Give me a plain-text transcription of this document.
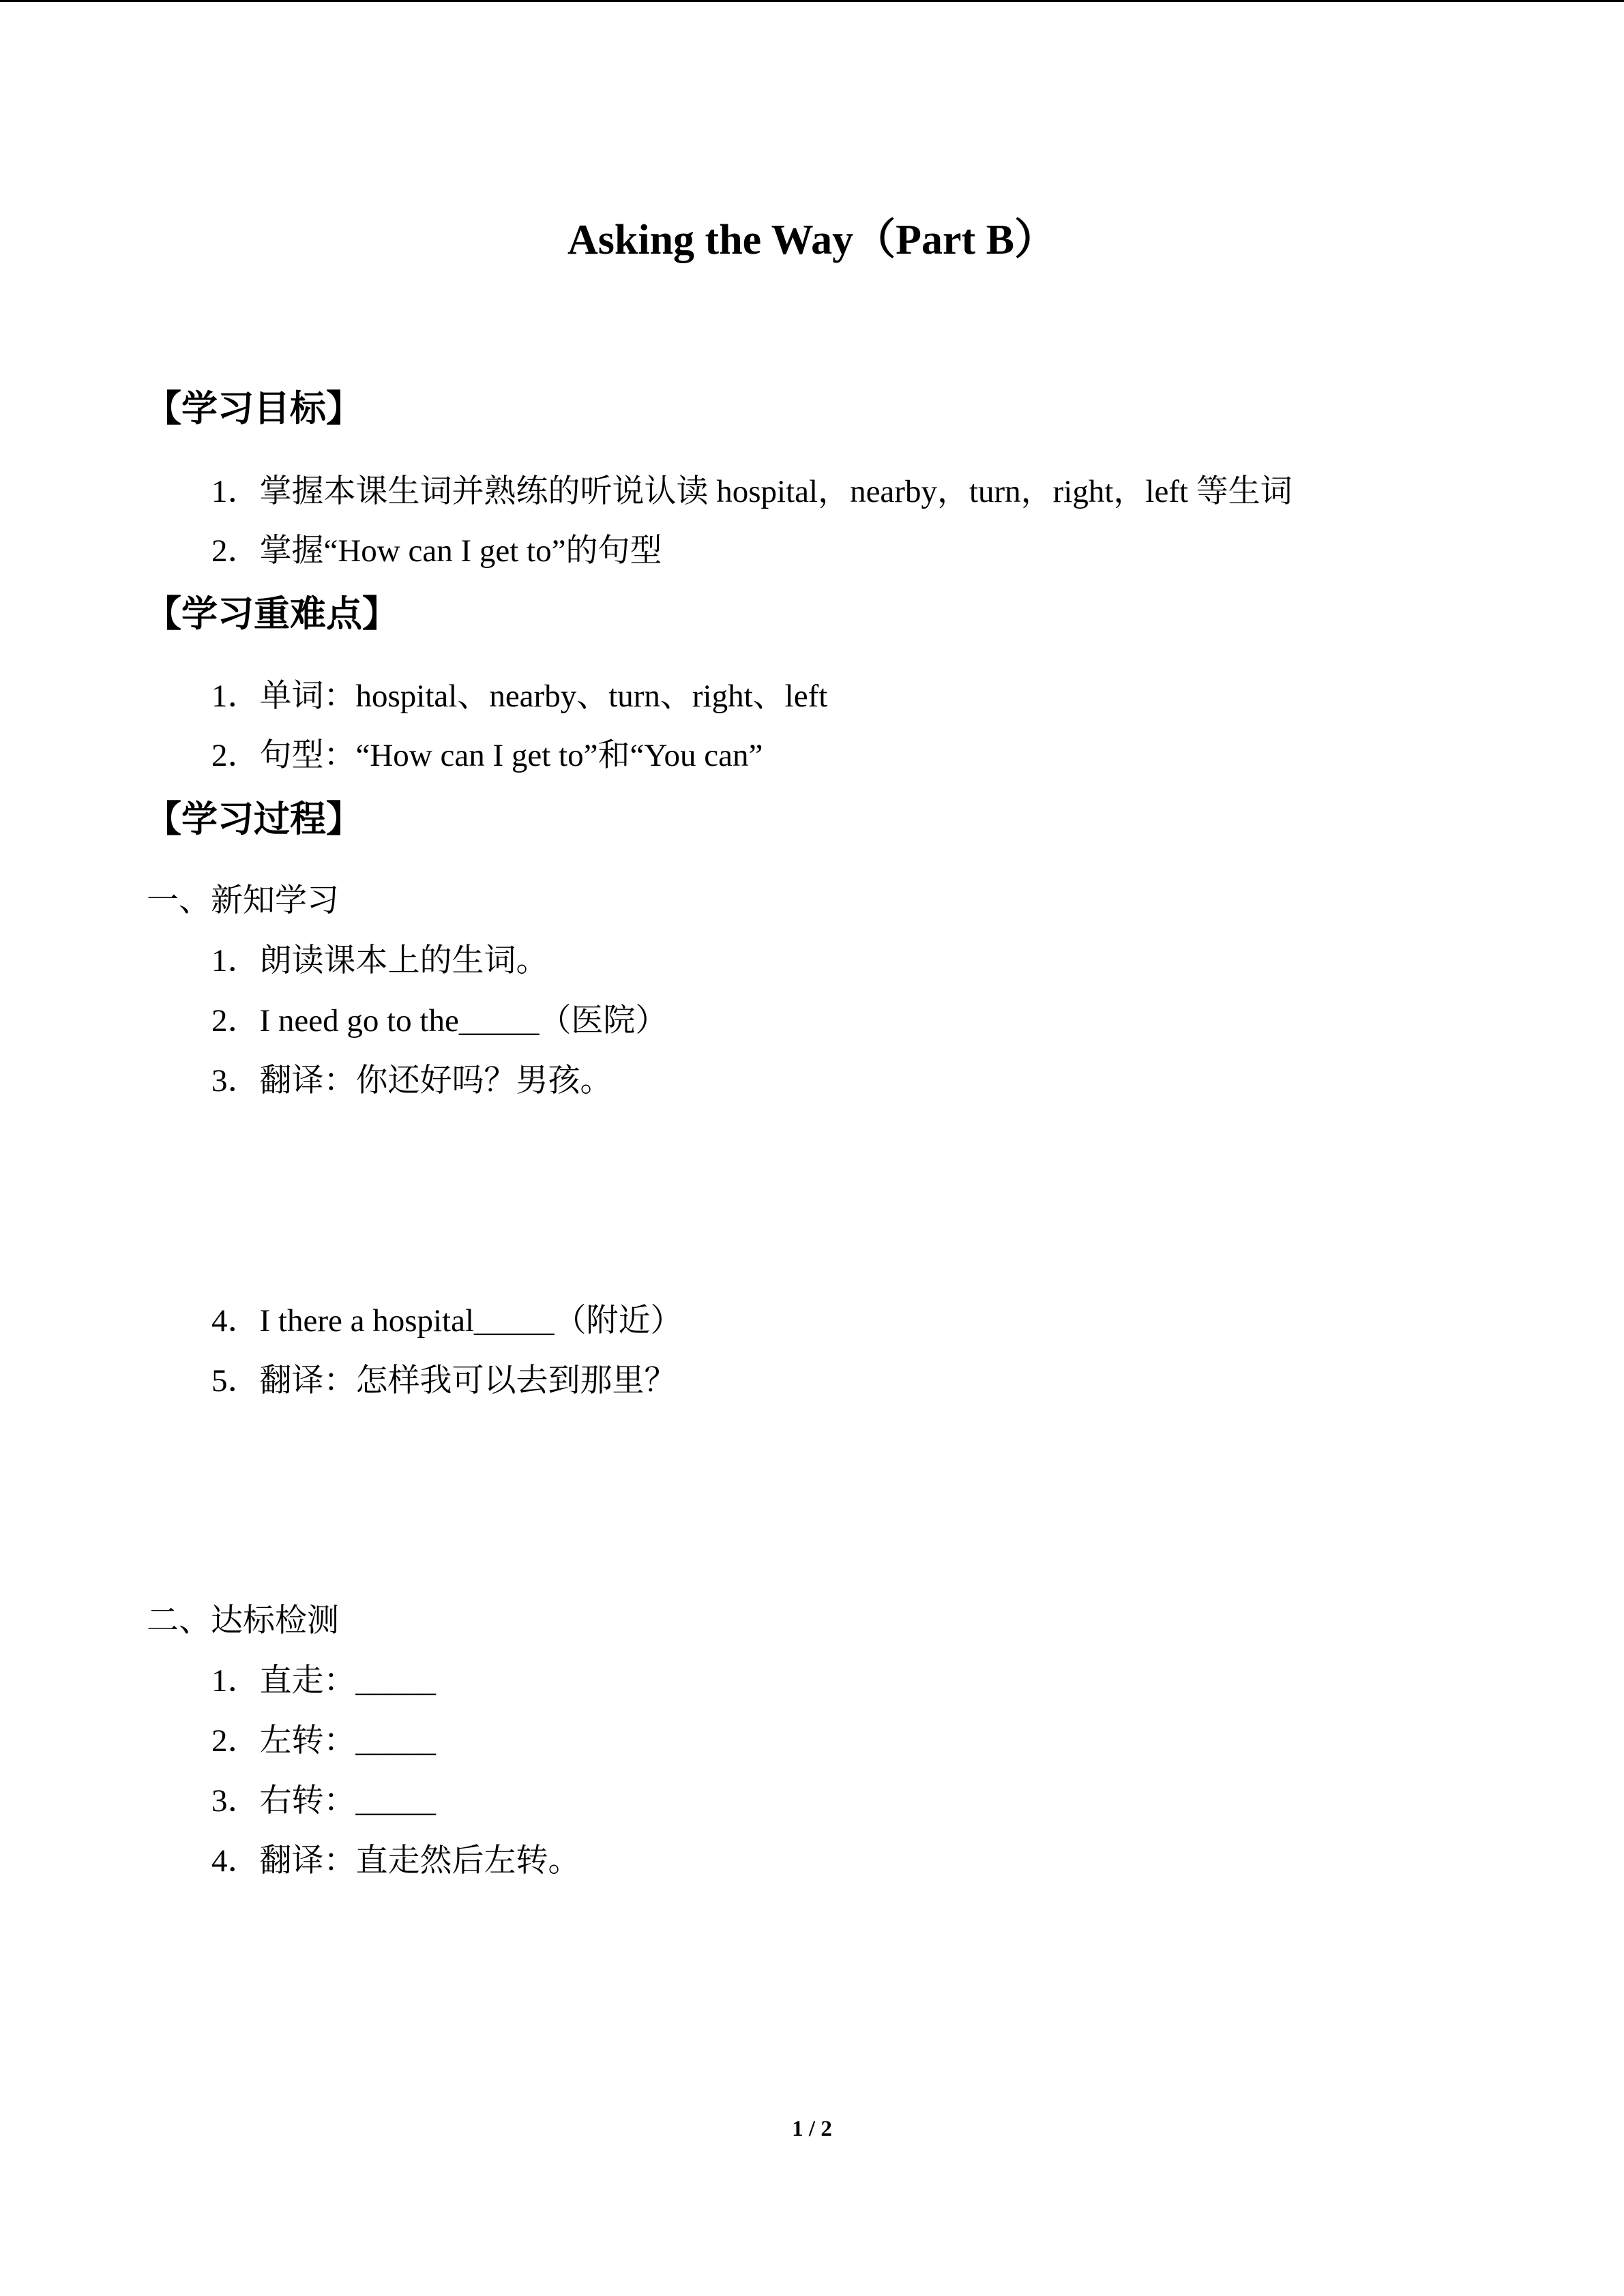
Asking the Way（Part B）
【学习目标】
1．掌握本课生词并熟练的听说认读 hospital，nearby，turn，right，left 等生词
2．掌握“How can I get to”的句型
【学习重难点】
1．单词：hospital、nearby、turn、right、left
2．句型：“How can I get to”和“You can”
【学习过程】
一、新知学习
1．朗读课本上的生词。
2．I need go to the_____（医院）
3．翻译：你还好吗？男孩。
4．I there a hospital_____（附近）
5．翻译：怎样我可以去到那里？
二、达标检测
1．直走：_____
2．左转：_____
3．右转：_____
4．翻译：直走然后左转。
1 / 2
